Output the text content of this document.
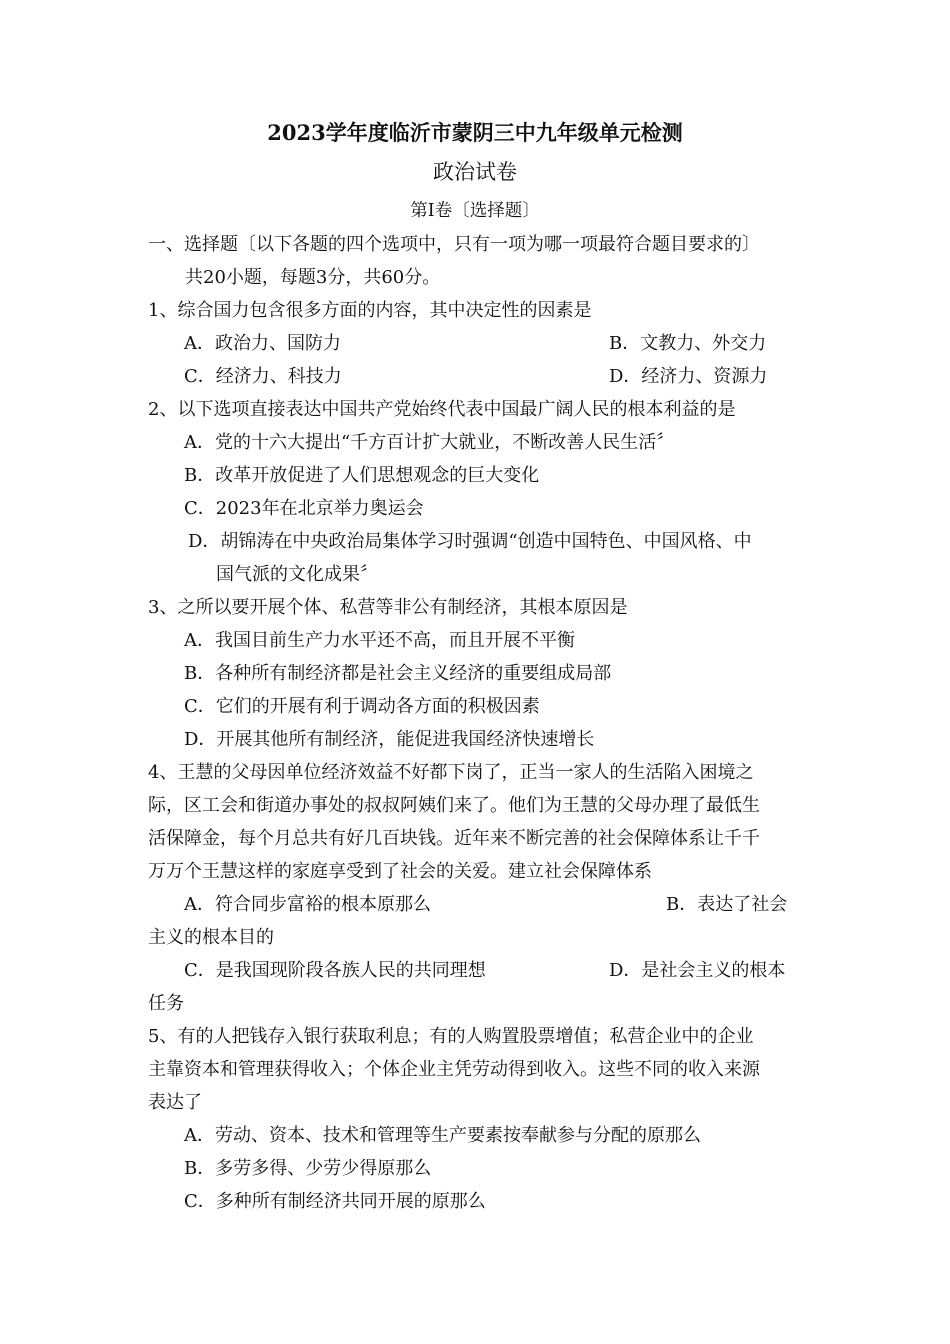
2023学年度临沂市蒙阴三中九年级单元检测
政治试卷
第I卷〔选择题〕
一、选择题〔以下各题的四个选项中，只有一项为哪一项最符合题目要求的〕
共20小题，每题3分，共60分。
1、综合国力包含很多方面的内容，其中决定性的因素是
A．政治力、国防力	B．文教力、外交力
C．经济力、科技力	D．经济力、资源力
2、以下选项直接表达中国共产党始终代表中国最广阔人民的根本利益的是
A．党的十六大提出“千方百计扩大就业，不断改善人民生活〞
B．改革开放促进了人们思想观念的巨大变化
C．2023年在北京举力奥运会
D．胡锦涛在中央政治局集体学习时强调“创造中国特色、中国风格、中
国气派的文化成果〞
3、之所以要开展个体、私营等非公有制经济，其根本原因是
A．我国目前生产力水平还不高，而且开展不平衡
B．各种所有制经济都是社会主义经济的重要组成局部
C．它们的开展有利于调动各方面的积极因素
D．开展其他所有制经济，能促进我国经济快速增长
4、王慧的父母因单位经济效益不好都下岗了，正当一家人的生活陷入困境之
际，区工会和街道办事处的叔叔阿姨们来了。他们为王慧的父母办理了最低生
活保障金，每个月总共有好几百块钱。近年来不断完善的社会保障体系让千千
万万个王慧这样的家庭享受到了社会的关爱。建立社会保障体系
A．符合同步富裕的根本原那么	B．表达了社会
主义的根本目的
C．是我国现阶段各族人民的共同理想	D．是社会主义的根本
任务
5、有的人把钱存入银行获取利息；有的人购置股票增值；私营企业中的企业
主靠资本和管理获得收入；个体企业主凭劳动得到收入。这些不同的收入来源
表达了
A．劳动、资本、技术和管理等生产要素按奉献参与分配的原那么
B．多劳多得、少劳少得原那么
C．多种所有制经济共同开展的原那么
